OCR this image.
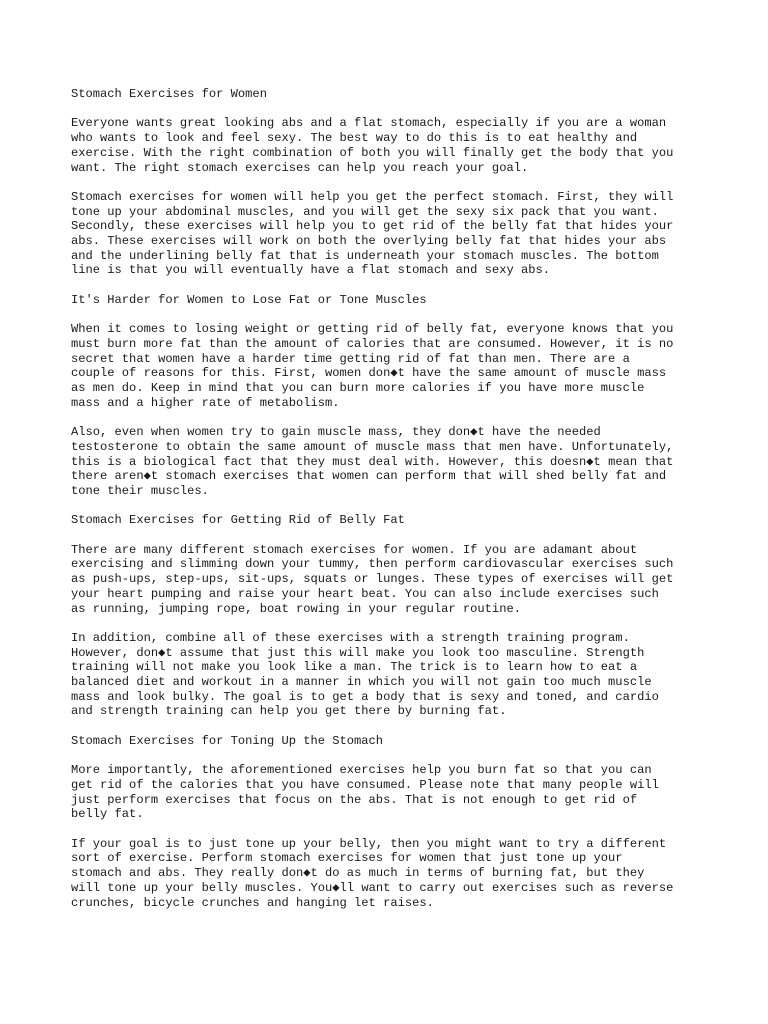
Stomach Exercises for Women
Everyone wants great looking abs and a flat stomach, especially if you are a woman
who wants to look and feel sexy. The best way to do this is to eat healthy and
exercise. With the right combination of both you will finally get the body that you
want. The right stomach exercises can help you reach your goal.
Stomach exercises for women will help you get the perfect stomach. First, they will
tone up your abdominal muscles, and you will get the sexy six pack that you want.
Secondly, these exercises will help you to get rid of the belly fat that hides your
abs. These exercises will work on both the overlying belly fat that hides your abs
and the underlining belly fat that is underneath your stomach muscles. The bottom
line is that you will eventually have a flat stomach and sexy abs.
It's Harder for Women to Lose Fat or Tone Muscles
When it comes to losing weight or getting rid of belly fat, everyone knows that you
must burn more fat than the amount of calories that are consumed. However, it is no
secret that women have a harder time getting rid of fat than men. There are a
couple of reasons for this. First, women don◆t have the same amount of muscle mass
as men do. Keep in mind that you can burn more calories if you have more muscle
mass and a higher rate of metabolism.
Also, even when women try to gain muscle mass, they don◆t have the needed
testosterone to obtain the same amount of muscle mass that men have. Unfortunately,
this is a biological fact that they must deal with. However, this doesn◆t mean that
there aren◆t stomach exercises that women can perform that will shed belly fat and
tone their muscles.
Stomach Exercises for Getting Rid of Belly Fat
There are many different stomach exercises for women. If you are adamant about
exercising and slimming down your tummy, then perform cardiovascular exercises such
as push-ups, step-ups, sit-ups, squats or lunges. These types of exercises will get
your heart pumping and raise your heart beat. You can also include exercises such
as running, jumping rope, boat rowing in your regular routine.
In addition, combine all of these exercises with a strength training program.
However, don◆t assume that just this will make you look too masculine. Strength
training will not make you look like a man. The trick is to learn how to eat a
balanced diet and workout in a manner in which you will not gain too much muscle
mass and look bulky. The goal is to get a body that is sexy and toned, and cardio
and strength training can help you get there by burning fat.
Stomach Exercises for Toning Up the Stomach
More importantly, the aforementioned exercises help you burn fat so that you can
get rid of the calories that you have consumed. Please note that many people will
just perform exercises that focus on the abs. That is not enough to get rid of
belly fat.
If your goal is to just tone up your belly, then you might want to try a different
sort of exercise. Perform stomach exercises for women that just tone up your
stomach and abs. They really don◆t do as much in terms of burning fat, but they
will tone up your belly muscles. You◆ll want to carry out exercises such as reverse
crunches, bicycle crunches and hanging let raises.
